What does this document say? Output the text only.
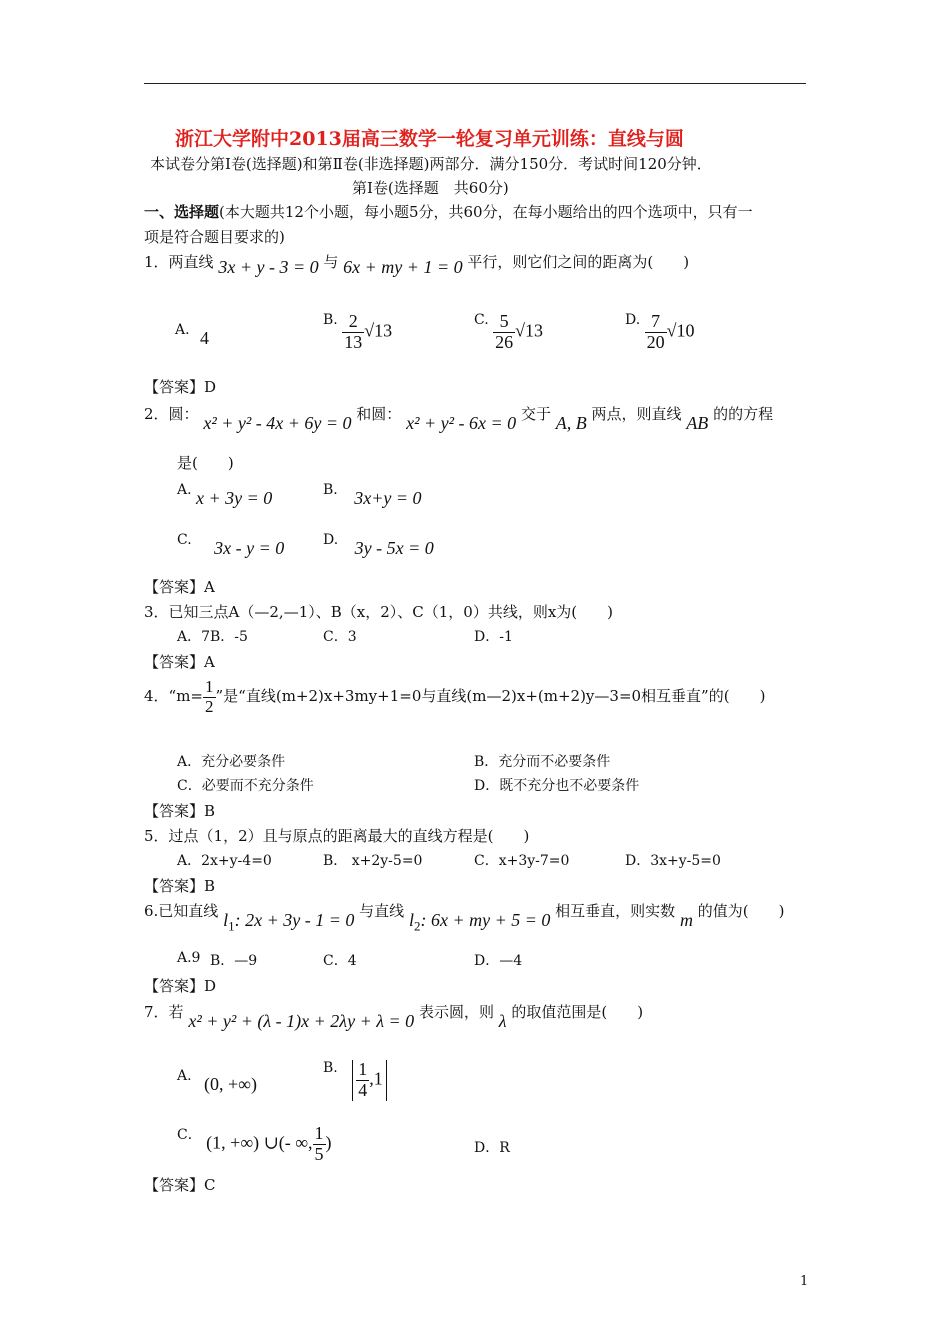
浙江大学附中2013届高三数学一轮复习单元训练：直线与圆
本试卷分第Ⅰ卷(选择题)和第Ⅱ卷(非选择题)两部分．满分150分．考试时间120分钟．
第Ⅰ卷(选择题　共60分)
一、选择题(本大题共12个小题，每小题5分，共60分，在每小题给出的四个选项中，只有一
项是符合题目要求的)
1．两直线 3x + y - 3 = 0 与 6x + my + 1 = 0 平行，则它们之间的距离为(　　)
A. 4
B. $\frac{2}{13} √13$
C. $\frac{5}{26} √13$
D. $\frac{7}{20} √10$
【答案】D
2．圆： x² + y² - 4x + 6y = 0 和圆： x² + y² - 6x = 0 交于 A, B 两点，则直线 AB 的的方程
是(　　)
A. x + 3y = 0	B. 3x+y = 0
C. 3x - y = 0	D. 3y - 5x = 0
【答案】A
3．已知三点A（—2,—1）、B（x，2）、C（1，0）共线，则x为(　　)
A．7 B．-5	C．3	D．-1
【答案】A
4．“$m= \frac{1}{2}$ ”是“直线(m+2)x+3my+1=0与直线(m—2)x+(m+2)y—3=0相互垂直”的(　　)
A．充分必要条件	B．充分而不必要条件
C．必要而不充分条件	D．既不充分也不必要条件
【答案】B
5．过点（1，2）且与原点的距离最大的直线方程是(　　)
A．2x+y-4=0	B． x+2y-5=0	C．x+3y-7=0	D．3x+y-5=0
【答案】B
6.已知直线 $l_1$: 2x + 3y - 1 = 0 与直线 $l_2$: 6x + my + 5 = 0 相互垂直，则实数 m 的值为(　　)
A.9 B．—9	C．4	D．—4
【答案】D
7．若 x² + y² + (λ - 1)x + 2λy + λ = 0 表示圆，则 λ 的取值范围是(　　)
A. (0, +∞)
B. $\frac{1}{4} ,1$
C． (1, +∞) ∪(- ∞, $\frac{1}{5}$ )	D．R
【答案】C
1
